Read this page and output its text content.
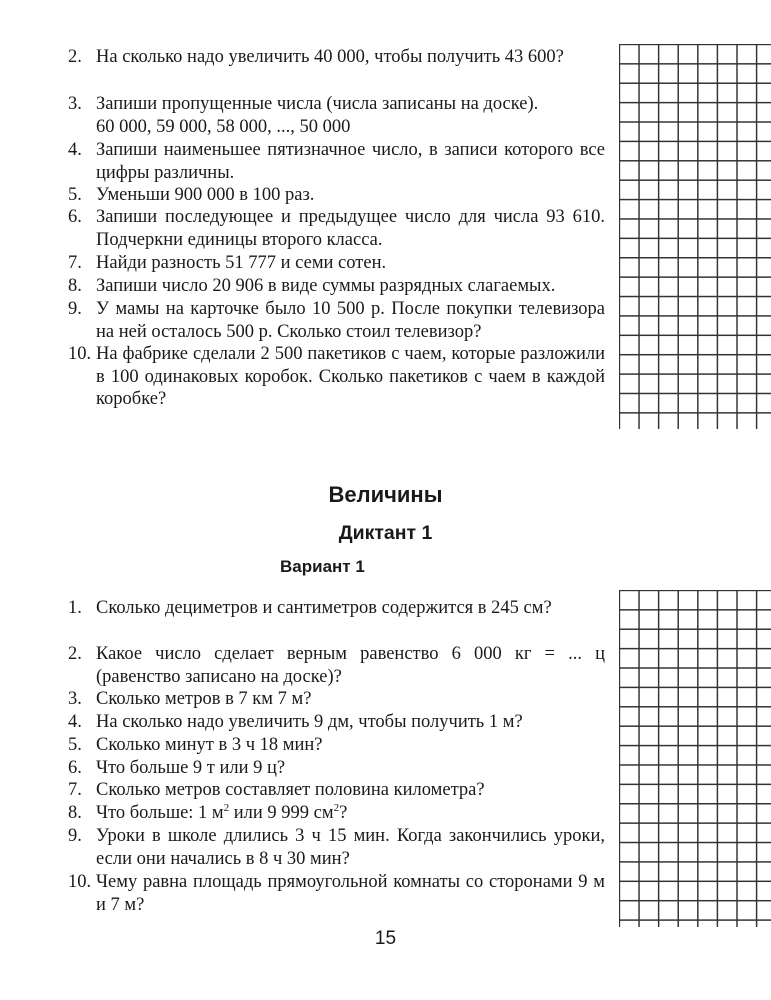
2. На сколько надо увеличить 40 000, чтобы получить 43 600?
3. Запиши пропущенные числа (числа записаны на доске).
60 000, 59 000, 58 000, ..., 50 000
4. Запиши наименьшее пятизначное число, в записи которого все цифры различны.
5. Уменьши 900 000 в 100 раз.
6. Запиши последующее и предыдущее число для числа 93 610. Подчеркни единицы второго класса.
7. Найди разность 51 777 и семи сотен.
8. Запиши число 20 906 в виде суммы разрядных слагаемых.
9. У мамы на карточке было 10 500 р. После покупки телевизора на ней осталось 500 р. Сколько стоил телевизор?
10. На фабрике сделали 2 500 пакетиков с чаем, которые разложили в 100 одинаковых коробок. Сколько пакетиков с чаем в каждой коробке?
Величины
Диктант 1
Вариант 1
1. Сколько дециметров и сантиметров содержится в 245 см?
2. Какое число сделает верным равенство 6 000 кг = ... ц (равенство записано на доске)?
3. Сколько метров в 7 км 7 м?
4. На сколько надо увеличить 9 дм, чтобы получить 1 м?
5. Сколько минут в 3 ч 18 мин?
6. Что больше 9 т или 9 ц?
7. Сколько метров составляет половина километра?
8. Что больше: 1 $м^2$ или 9 999 $см^2$?
9. Уроки в школе длились 3 ч 15 мин. Когда закончились уроки, если они начались в 8 ч 30 мин?
10. Чему равна площадь прямоугольной комнаты со сторонами 9 м и 7 м?
15
